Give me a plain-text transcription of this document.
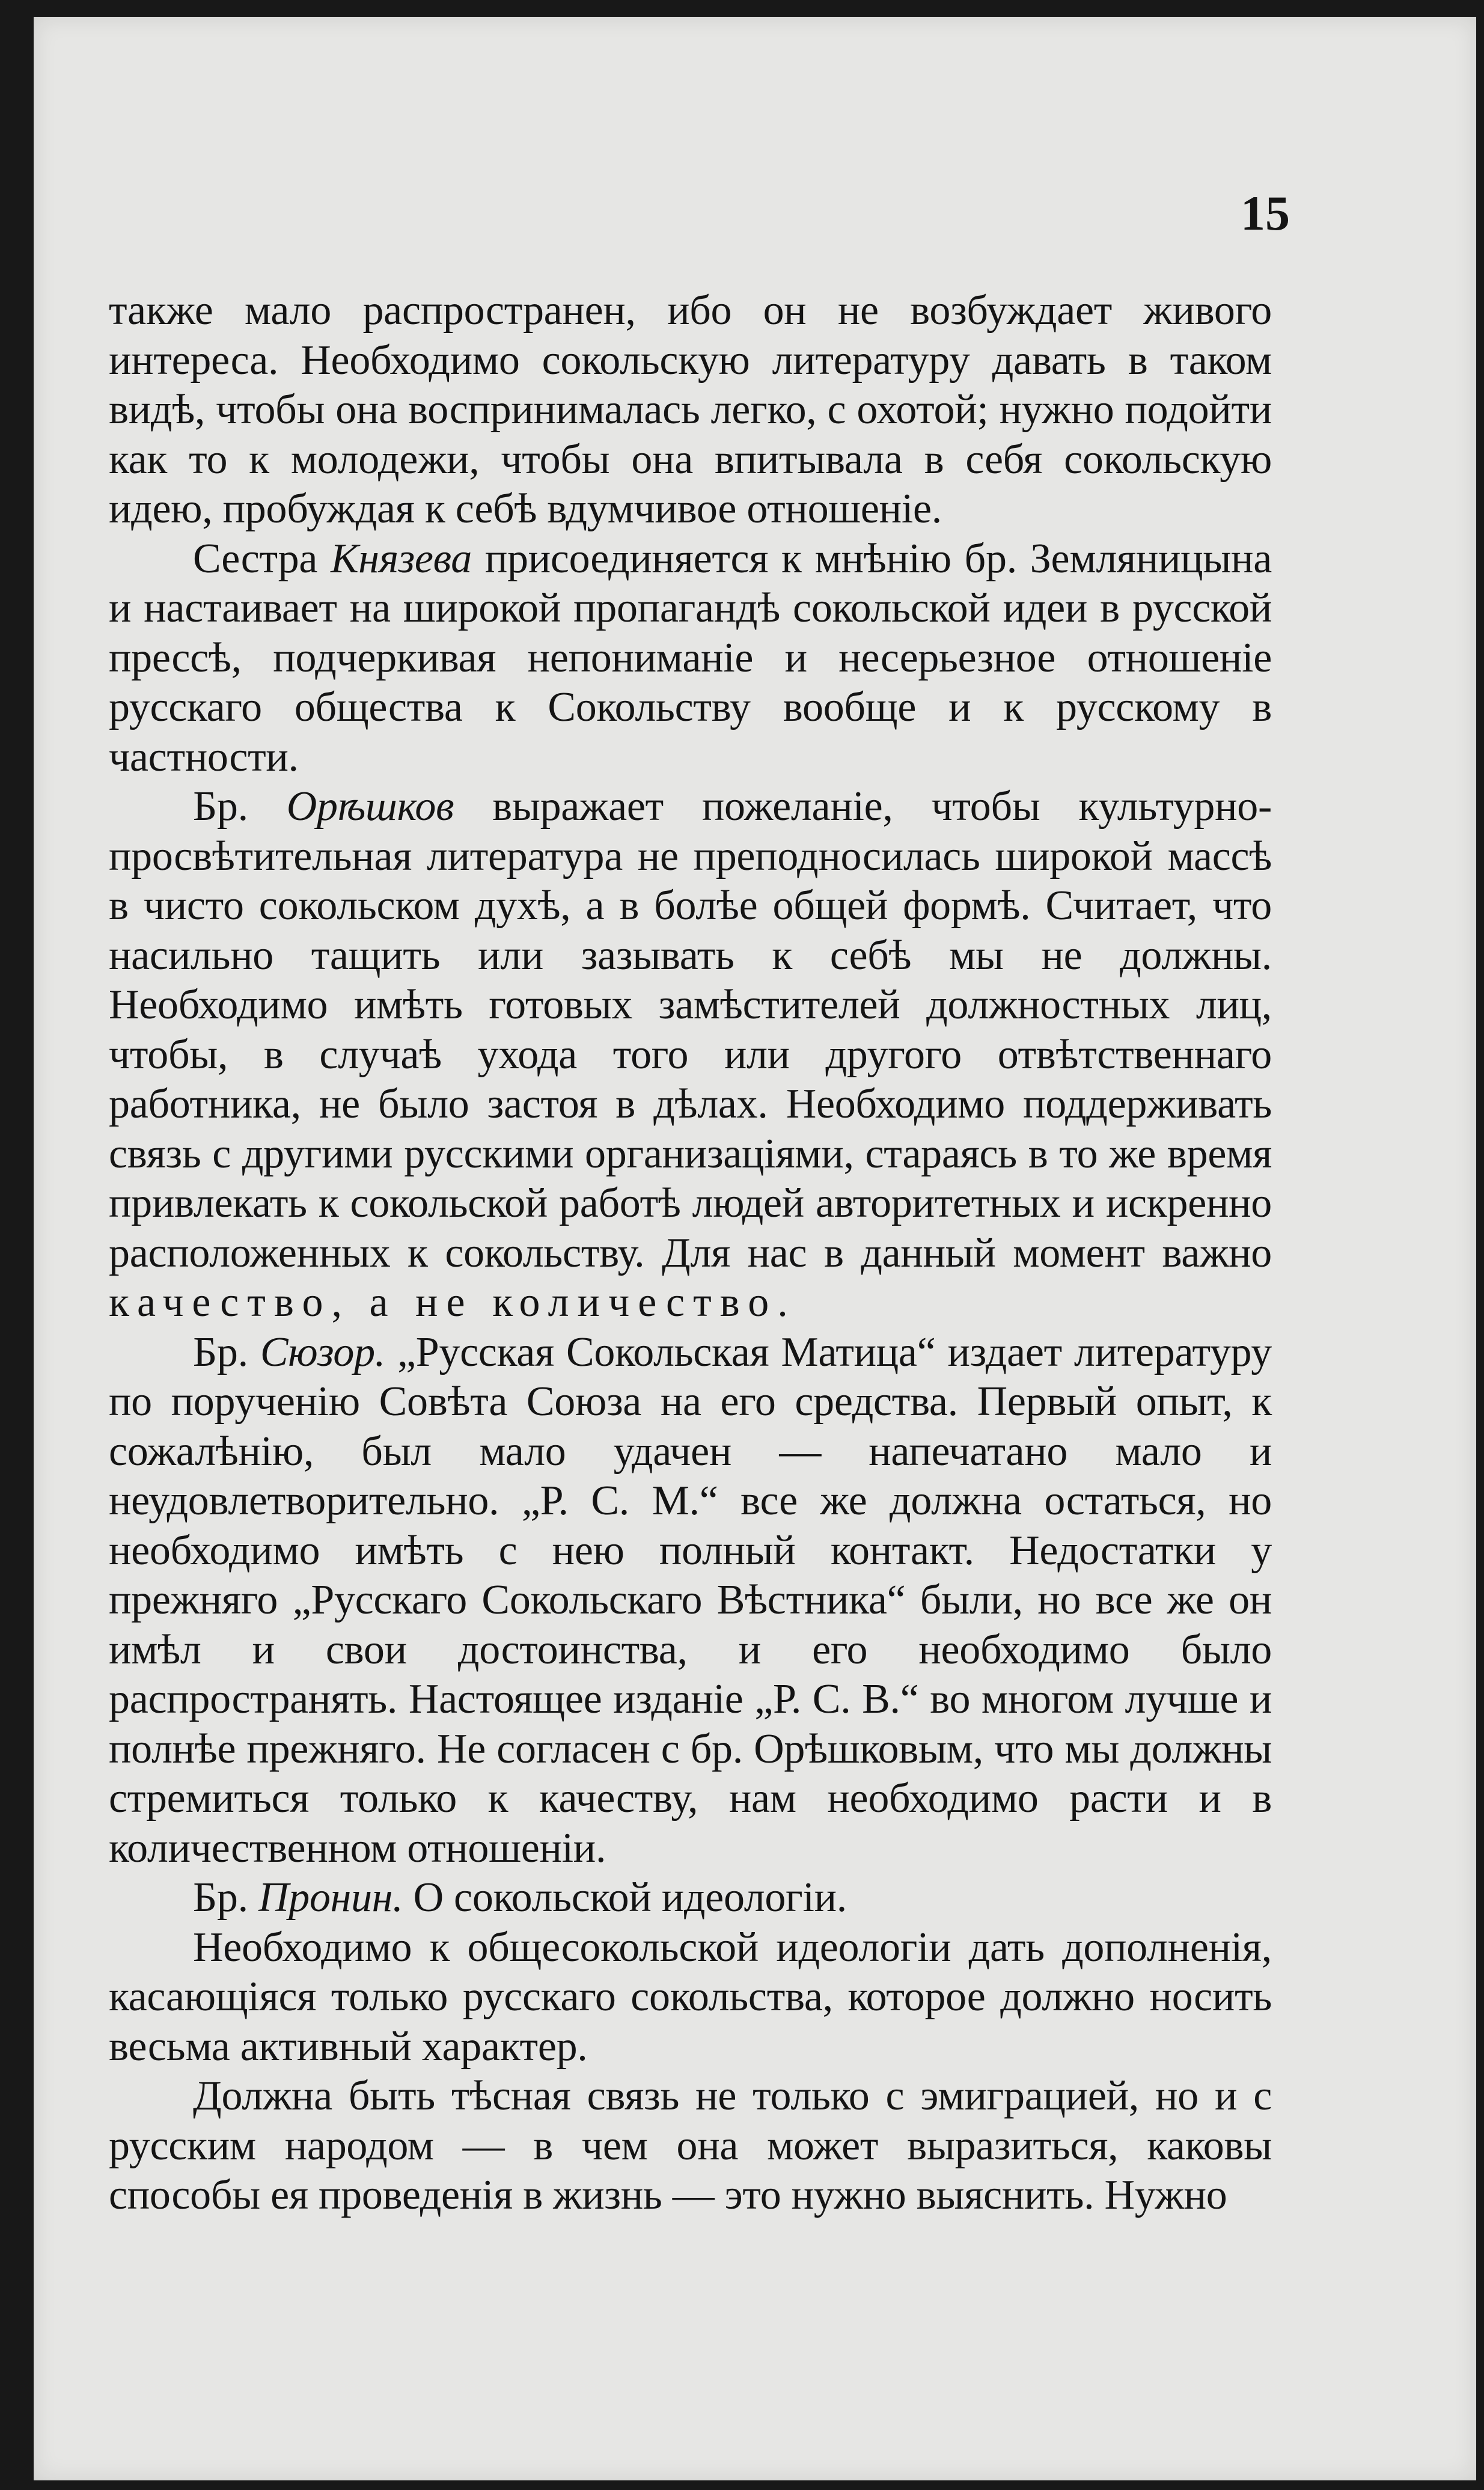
15

также мало распространен, ибо он не возбуждает живого интереса. Необходимо сокольскую литературу давать в таком видѣ, чтобы она воспринималась легко, с охотой; нужно подойти как то к молодежи, чтобы она впитывала в себя сокольскую идею, пробуждая к себѣ вдумчивое отношеніе.

Сестра Князева присоединяется к мнѣнію бр. Земляницына и настаивает на широкой пропагандѣ сокольской идеи в русской прессѣ, подчеркивая непониманіе и несерьезное отношеніе русскаго общества к Сокольству вообще и к русскому в частности.

Бр. Орѣшков выражает пожеланіе, чтобы культурно-просвѣтительная литература не преподносилась широкой массѣ в чисто сокольском духѣ, а в болѣе общей формѣ. Считает, что насильно тащить или зазывать к себѣ мы не должны. Необходимо имѣть готовых замѣстителей должностных лиц, чтобы, в случаѣ ухода того или другого отвѣтственнаго работника, не было застоя в дѣлах. Необходимо поддерживать связь с другими русскими организаціями, стараясь в то же время привлекать к сокольской работѣ людей авторитетных и искренно расположенных к сокольству. Для нас в данный момент важно качество, а не количество.

Бр. Сюзор. „Русская Сокольская Матица“ издает литературу по порученію Совѣта Союза на его средства. Первый опыт, к сожалѣнію, был мало удачен — напечатано мало и неудовлетворительно. „Р. С. М.“ все же должна остаться, но необходимо имѣть с нею полный контакт. Недостатки у прежняго „Русскаго Сокольскаго Вѣстника“ были, но все же он имѣл и свои достоинства, и его необходимо было распространять. Настоящее изданіе „Р. С. В.“ во многом лучше и полнѣе прежняго. Не согласен с бр. Орѣшковым, что мы должны стремиться только к качеству, нам необходимо расти и в количественном отношеніи.

Бр. Пронин. О сокольской идеологіи.

Необходимо к общесокольской идеологіи дать дополненія, касающіяся только русскаго сокольства, которое должно носить весьма активный характер.

Должна быть тѣсная связь не только с эмиграцией, но и с русским народом — в чем она может выразиться, каковы способы ея проведенія в жизнь — это нужно выяснить. Нужно
